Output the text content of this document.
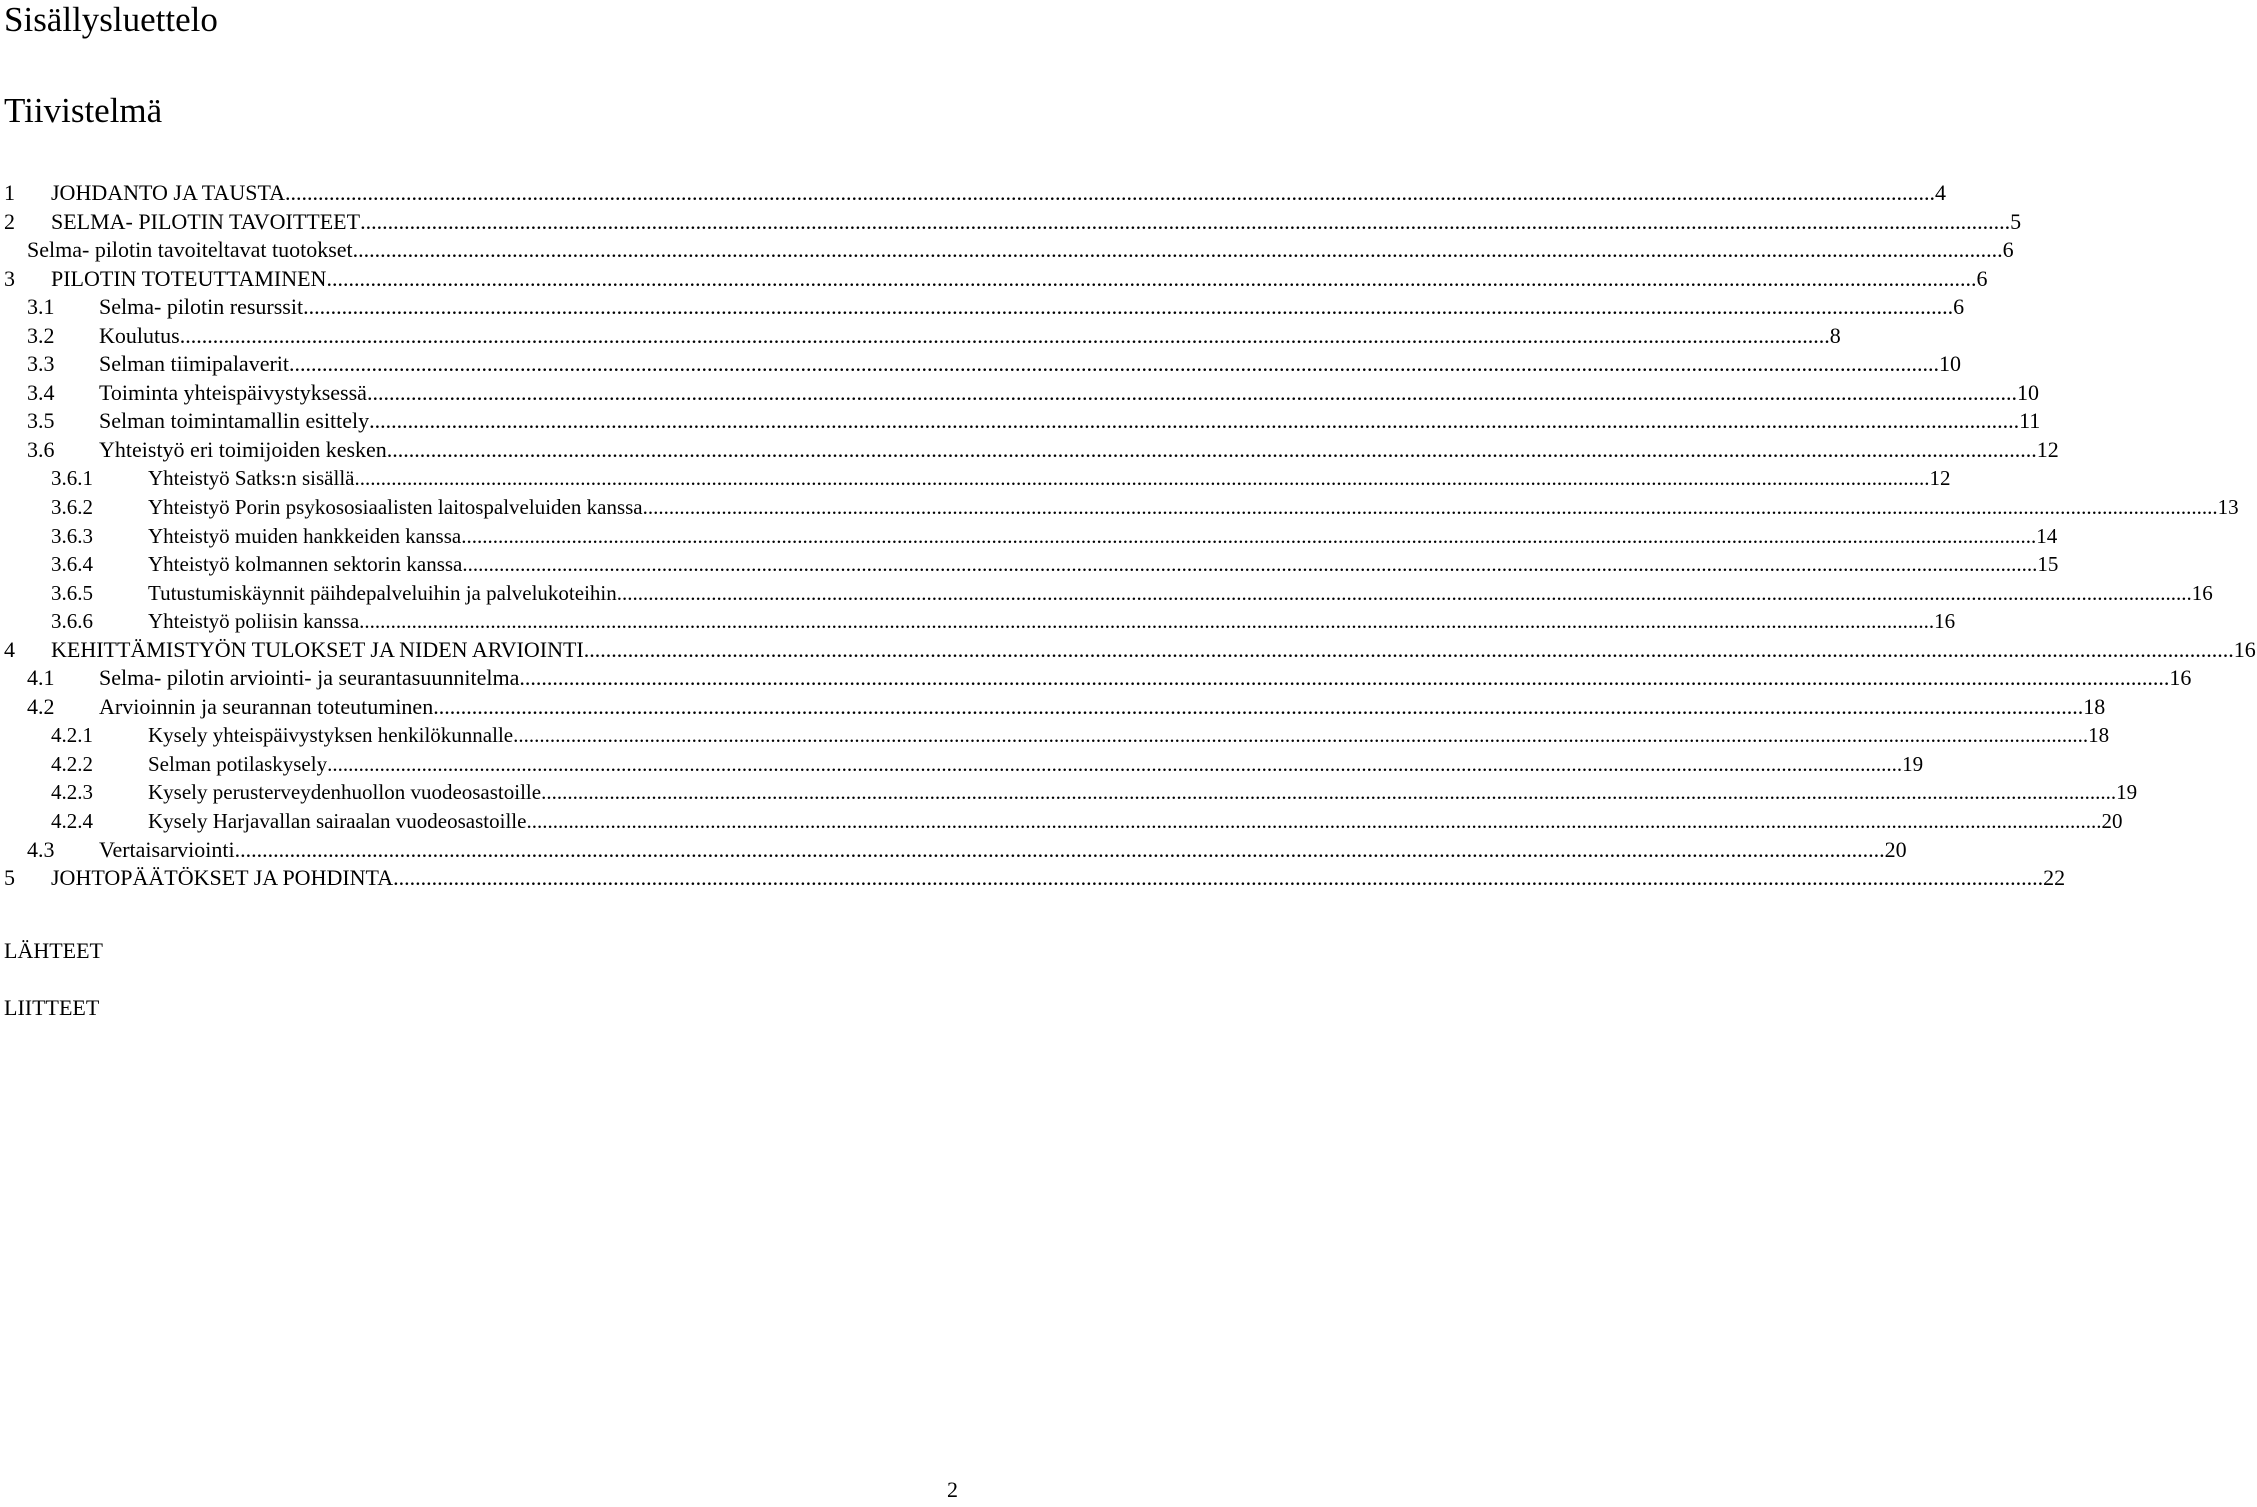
Sisällysluettelo
Tiivistelmä
1 JOHDANTO JA TAUSTA ............................................................................................................................................................................................................................................................................................................ 4
2 SELMA- PILOTIN TAVOITTEET ............................................................................................................................................................................................................................................................................................................ 5
Selma- pilotin tavoiteltavat tuotokset ............................................................................................................................................................................................................................................................................................................ 6
3 PILOTIN TOTEUTTAMINEN ............................................................................................................................................................................................................................................................................................................ 6
3.1 Selma- pilotin resurssit ............................................................................................................................................................................................................................................................................................................ 6
3.2 Koulutus ............................................................................................................................................................................................................................................................................................................ 8
3.3 Selman tiimipalaverit ............................................................................................................................................................................................................................................................................................................ 10
3.4 Toiminta yhteispäivystyksessä ............................................................................................................................................................................................................................................................................................................ 10
3.5 Selman toimintamallin esittely ............................................................................................................................................................................................................................................................................................................ 11
3.6 Yhteistyö eri toimijoiden kesken ............................................................................................................................................................................................................................................................................................................ 12
3.6.1	Yhteistyö Satks:n sisällä ............................................................................................................................................................................................................................................................................................................ 12
3.6.2	Yhteistyö Porin psykososiaalisten laitospalveluiden kanssa ............................................................................................................................................................................................................................................................................................................ 13
3.6.3	Yhteistyö muiden hankkeiden kanssa ............................................................................................................................................................................................................................................................................................................ 14
3.6.4	Yhteistyö kolmannen sektorin kanssa ............................................................................................................................................................................................................................................................................................................ 15
3.6.5	Tutustumiskäynnit päihdepalveluihin ja palvelukoteihin ............................................................................................................................................................................................................................................................................................................ 16
3.6.6	Yhteistyö poliisin kanssa ............................................................................................................................................................................................................................................................................................................ 16
4 KEHITTÄMISTYÖN TULOKSET JA NIDEN ARVIOINTI ............................................................................................................................................................................................................................................................................................................ 16
4.1 Selma- pilotin arviointi- ja seurantasuunnitelma ............................................................................................................................................................................................................................................................................................................ 16
4.2 Arvioinnin ja seurannan toteutuminen ............................................................................................................................................................................................................................................................................................................ 18
4.2.1	Kysely yhteispäivystyksen henkilökunnalle ............................................................................................................................................................................................................................................................................................................ 18
4.2.2	Selman potilaskysely ............................................................................................................................................................................................................................................................................................................ 19
4.2.3	Kysely perusterveydenhuollon vuodeosastoille ............................................................................................................................................................................................................................................................................................................ 19
4.2.4	Kysely Harjavallan sairaalan vuodeosastoille ............................................................................................................................................................................................................................................................................................................ 20
4.3 Vertaisarviointi ............................................................................................................................................................................................................................................................................................................ 20
5 JOHTOPÄÄTÖKSET JA POHDINTA ............................................................................................................................................................................................................................................................................................................ 22

LÄHTEET

LIITTEET

2
